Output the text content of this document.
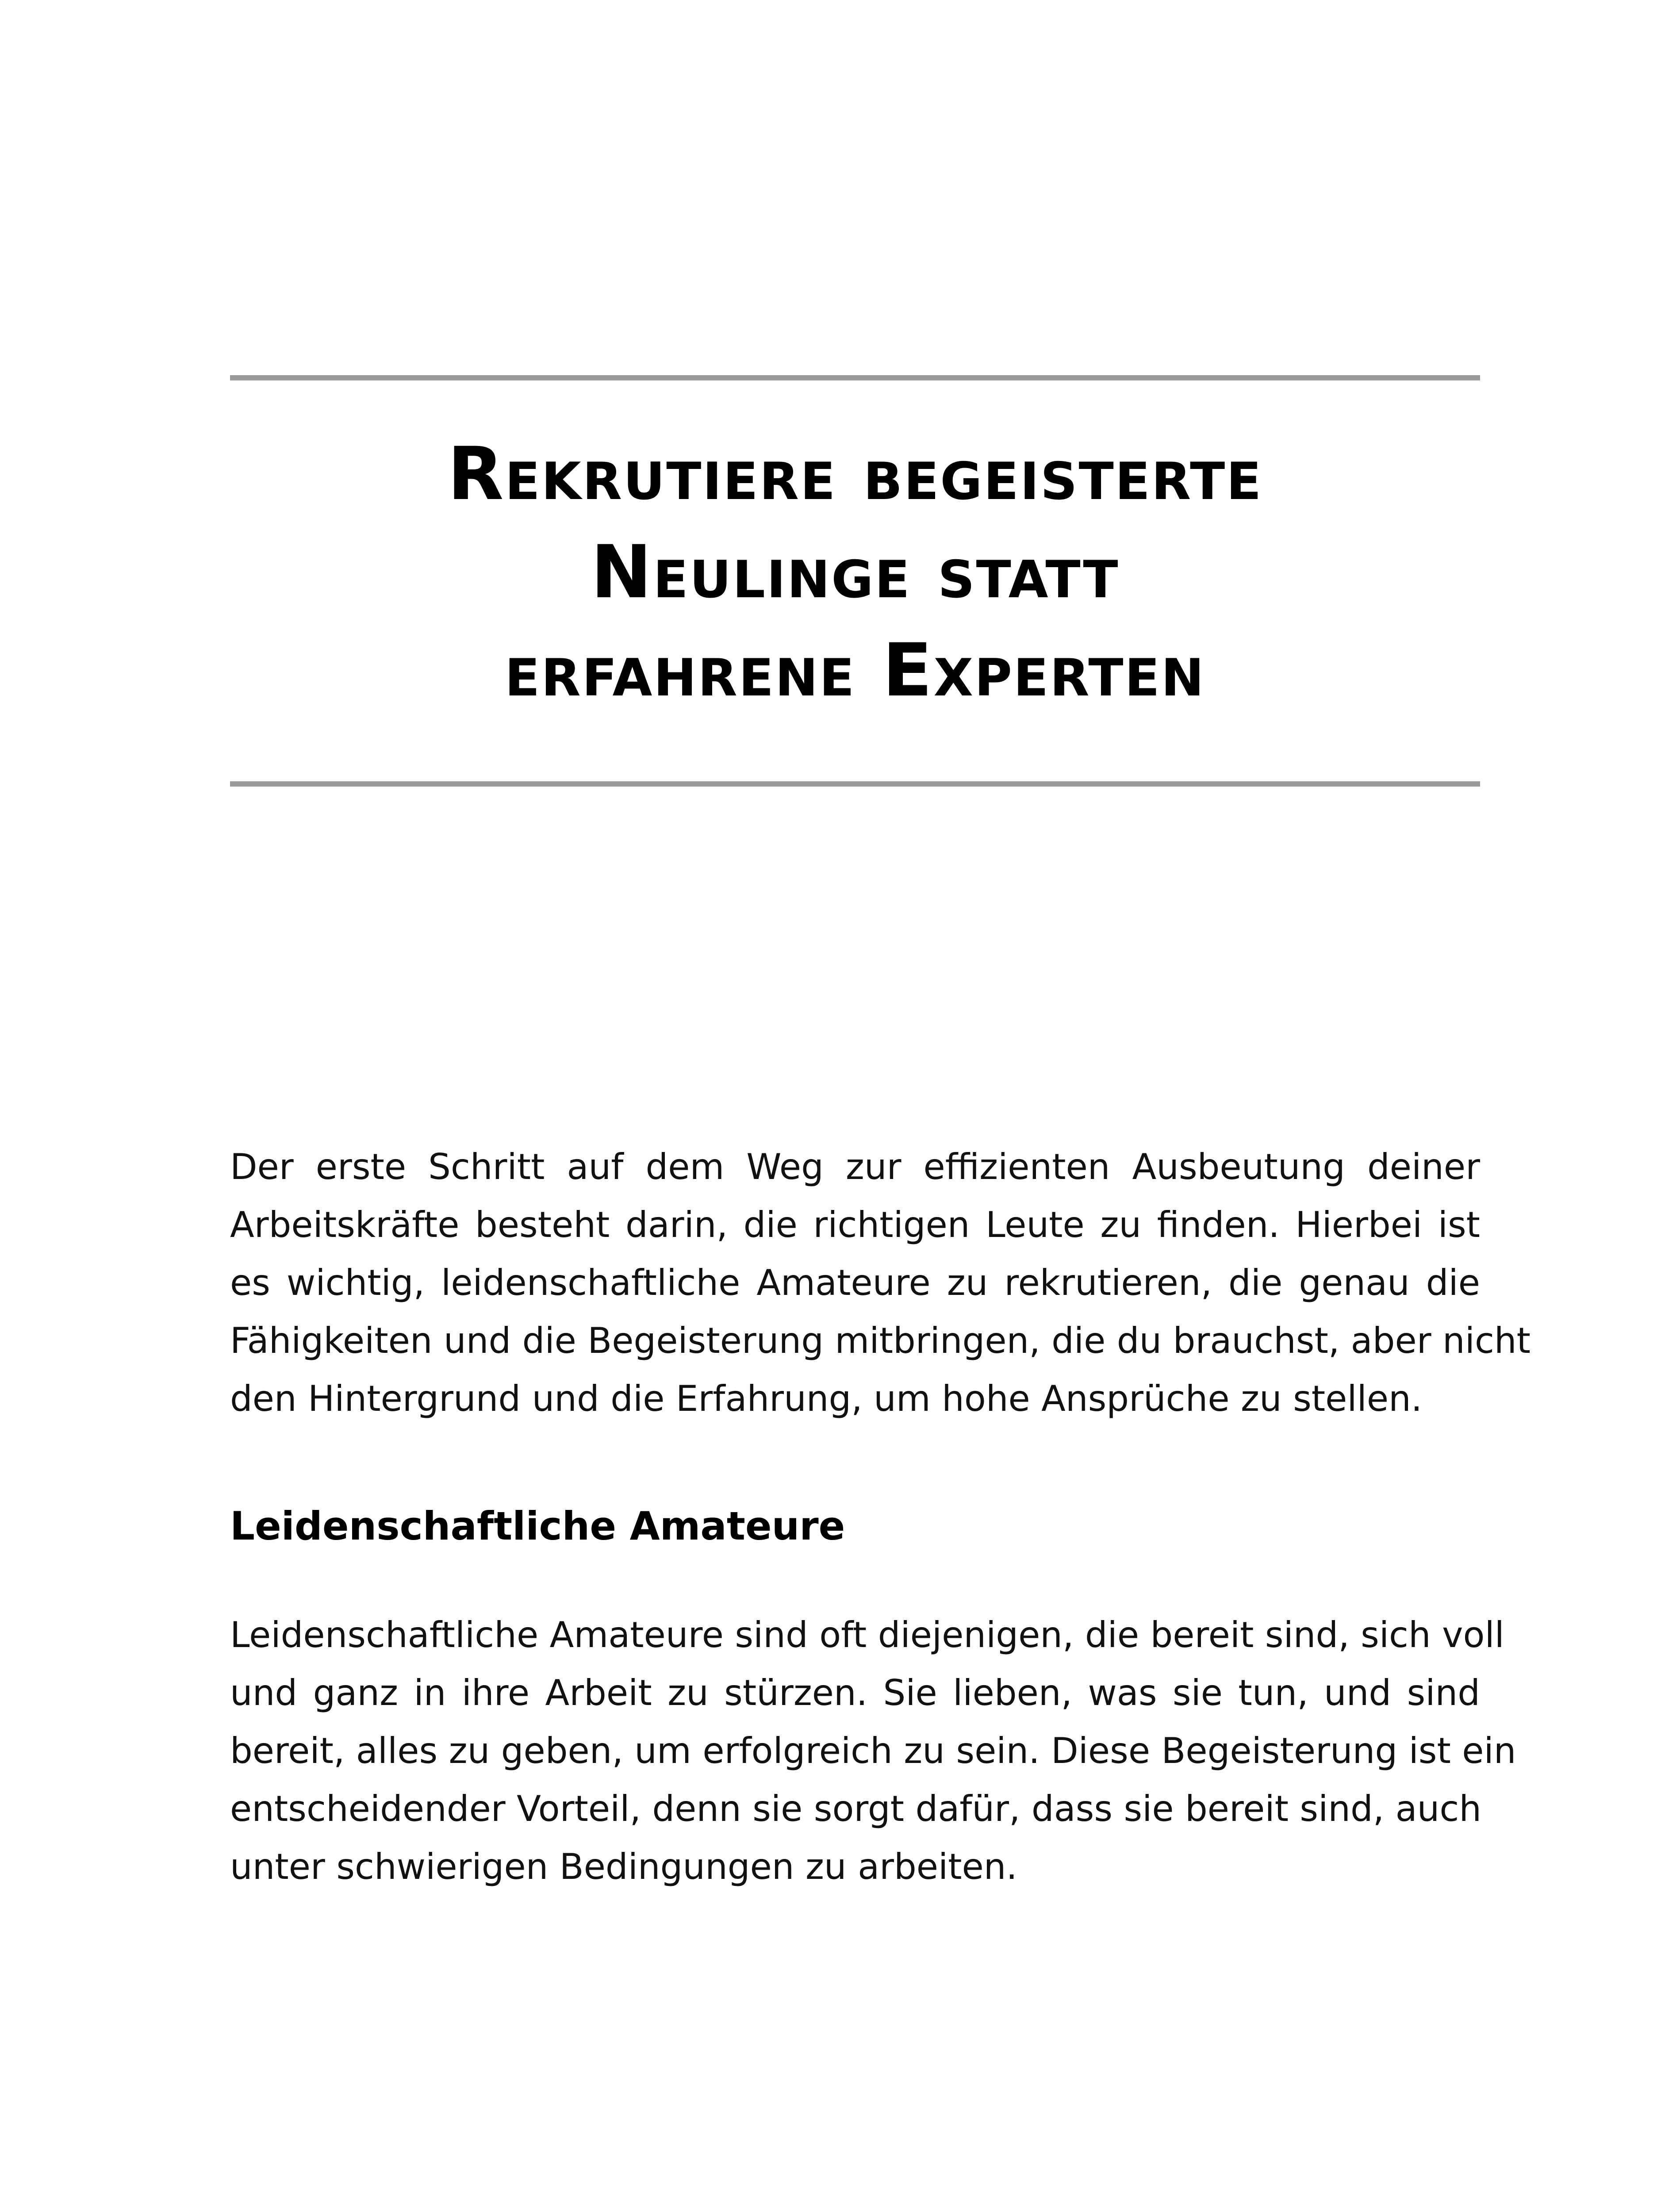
Rekrutiere begeisterte
Neulinge statt
erfahrene Experten

Der erste Schritt auf dem Weg zur effizienten Ausbeutung deiner
Arbeitskräfte besteht darin, die richtigen Leute zu finden. Hierbei ist
es wichtig, leidenschaftliche Amateure zu rekrutieren, die genau die
Fähigkeiten und die Begeisterung mitbringen, die du brauchst, aber nicht
den Hintergrund und die Erfahrung, um hohe Ansprüche zu stellen.

Leidenschaftliche Amateure

Leidenschaftliche Amateure sind oft diejenigen, die bereit sind, sich voll
und ganz in ihre Arbeit zu stürzen. Sie lieben, was sie tun, und sind
bereit, alles zu geben, um erfolgreich zu sein. Diese Begeisterung ist ein
entscheidender Vorteil, denn sie sorgt dafür, dass sie bereit sind, auch
unter schwierigen Bedingungen zu arbeiten.
